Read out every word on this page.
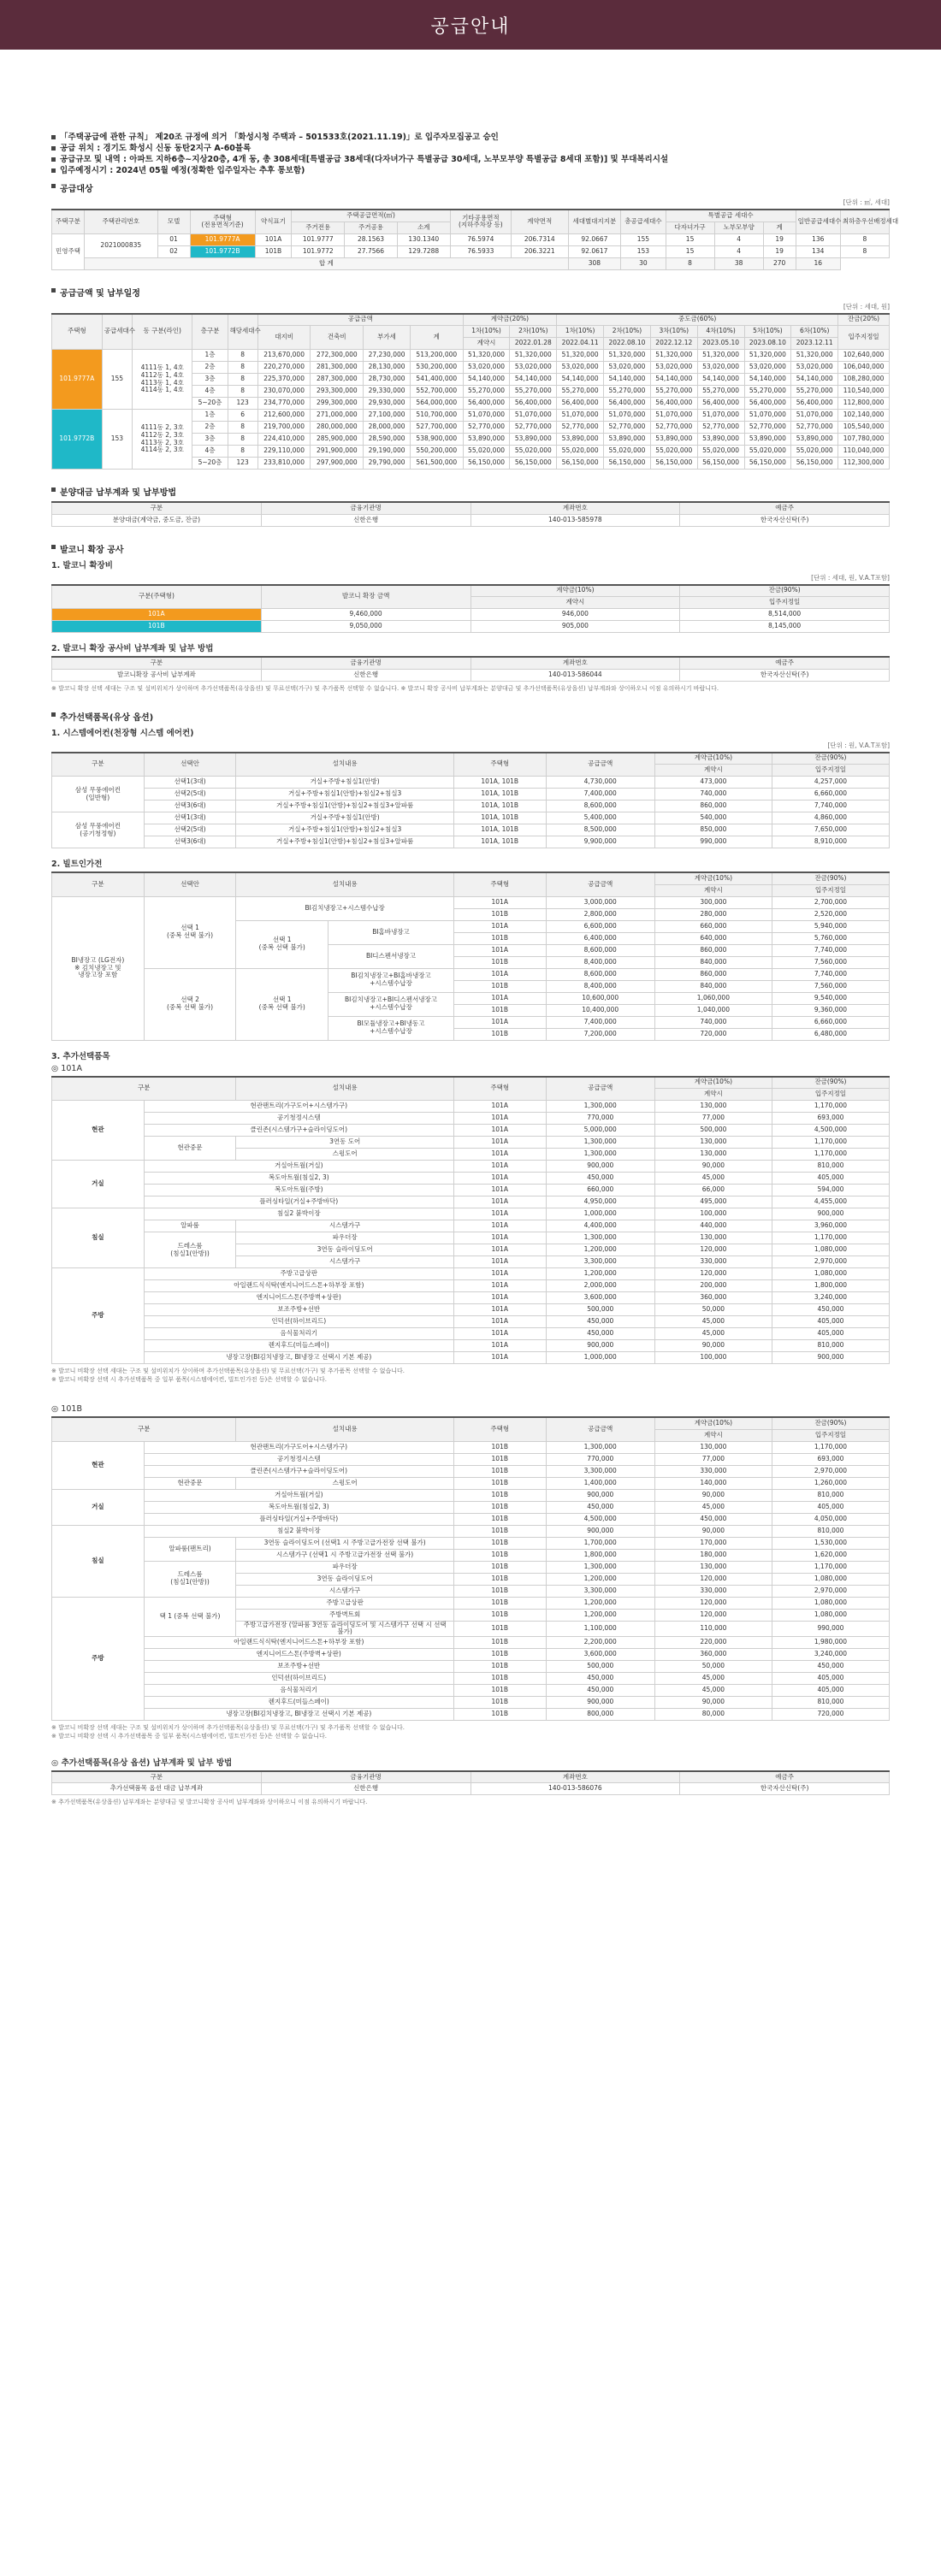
공급안내
「주택공급에 관한 규칙」 제20조 규정에 의거 「화성시청 주택과 – 501533호(2021.11.19)」로 입주자모집공고 승인
공급 위치 : 경기도 화성시 신동 동탄2지구 A-60블록
공급규모 및 내역 : 아파트 지하6층~지상20층, 4개 동, 총 308세대[특별공급 38세대(다자녀가구 특별공급 30세대, 노부모부양 특별공급 8세대 포함)] 및 부대복리시설
입주예정시기 : 2024년 05월 예정(정확한 입주일자는 추후 통보함)
공급대상
[단위 : ㎡, 세대]
주택구분	주택관리번호	모델	주택형(전용면적기준)	약식표기	주택공급면적(㎡)			기타공용면적(지하주차장 등)	계약면적	세대별대지지분	총공급세대수	특별공급 세대수			일반공급세대수	최하층우선배정세대
					주거전용	주거공용	소계					다자녀가구	노부모부양	계		
민영주택	2021000835	01	101.9777A	101A	101.9777	28.1563	130.1340	76.5974	206.7314	92.0667	155	15	4	19	136	8
		02	101.9772B	101B	101.9772	27.7566	129.7288	76.5933	206.3221	92.0617	153	15	4	19	134	8
	합 계									308	30	8	38	270	16	
공급금액 및 납부일정
[단위 : 세대, 원]
주택형	공급세대수	동 구분(라인)	층구분	해당세대수	공급금액				계약금(20%)		중도금(60%)						잔금(20%)
					대지비	건축비	부가세	계	1차(10%)	2차(10%)	1차(10%)	2차(10%)	3차(10%)	4차(10%)	5차(10%)	6차(10%)	입주지정일
									계약시	2022.01.28	2022.04.11	2022.08.10	2022.12.12	2023.05.10	2023.08.10	2023.12.11	
101.9777A	155	4111동 1, 4호
4112동 1, 4호
4113동 1, 4호
4114동 1, 4호	1층	8	213,670,000	272,300,000	27,230,000	513,200,000	51,320,000	51,320,000	51,320,000	51,320,000	51,320,000	51,320,000	51,320,000	51,320,000	102,640,000
			2층	8	220,270,000	281,300,000	28,130,000	530,200,000	53,020,000	53,020,000	53,020,000	53,020,000	53,020,000	53,020,000	53,020,000	53,020,000	106,040,000
			3층	8	225,370,000	287,300,000	28,730,000	541,400,000	54,140,000	54,140,000	54,140,000	54,140,000	54,140,000	54,140,000	54,140,000	54,140,000	108,280,000
			4층	8	230,070,000	293,300,000	29,330,000	552,700,000	55,270,000	55,270,000	55,270,000	55,270,000	55,270,000	55,270,000	55,270,000	55,270,000	110,540,000
			5~20층	123	234,770,000	299,300,000	29,930,000	564,000,000	56,400,000	56,400,000	56,400,000	56,400,000	56,400,000	56,400,000	56,400,000	56,400,000	112,800,000
101.9772B	153	4111동 2, 3호
4112동 2, 3호
4113동 2, 3호
4114동 2, 3호	1층	6	212,600,000	271,000,000	27,100,000	510,700,000	51,070,000	51,070,000	51,070,000	51,070,000	51,070,000	51,070,000	51,070,000	51,070,000	102,140,000
			2층	8	219,700,000	280,000,000	28,000,000	527,700,000	52,770,000	52,770,000	52,770,000	52,770,000	52,770,000	52,770,000	52,770,000	52,770,000	105,540,000
			3층	8	224,410,000	285,900,000	28,590,000	538,900,000	53,890,000	53,890,000	53,890,000	53,890,000	53,890,000	53,890,000	53,890,000	53,890,000	107,780,000
			4층	8	229,110,000	291,900,000	29,190,000	550,200,000	55,020,000	55,020,000	55,020,000	55,020,000	55,020,000	55,020,000	55,020,000	55,020,000	110,040,000
			5~20층	123	233,810,000	297,900,000	29,790,000	561,500,000	56,150,000	56,150,000	56,150,000	56,150,000	56,150,000	56,150,000	56,150,000	56,150,000	112,300,000
분양대금 납부계좌 및 납부방법
구분	금융기관명	계좌번호	예금주
분양대금(계약금, 중도금, 잔금)	신한은행	140-013-585978	한국자산신탁(주)
발코니 확장 공사
1. 발코니 확장비
[단위 : 세대, 원, V.A.T포함]
구분(주택형)	발코니 확장 금액	계약금(10%)	잔금(90%)
		계약시	입주지정일
101A	9,460,000	946,000	8,514,000
101B	9,050,000	905,000	8,145,000
2. 발코니 확장 공사비 납부계좌 및 납부 방법
구분	금융기관명	계좌번호	예금주
발코니확장 공사비 납부계좌	신한은행	140-013-586044	한국자산신탁(주)
※ 발코니 확장 선택 세대는 구조 및 설비위치가 상이하며 추가선택품목(유상옵션) 및 무료선택(가구) 및 추가품목 선택할 수 없습니다. ※ 발코니 확장 공사비 납부계좌는 분양대금 및 추가선택품목(유상옵션) 납부계좌와 상이하오니 이점 유의하시기 바랍니다.
추가선택품목(유상 옵션)
1. 시스템에어컨(천장형 시스템 에어컨)
[단위 : 원, V.A.T포함]
구분	선택안	설치내용	주택형	공급금액	계약금(10%)	잔금(90%)
					계약시	입주지정일
삼성 무풍에어컨
(일반형)	선택1(3대)	거실+주방+침실1(안방)	101A, 101B	4,730,000	473,000	4,257,000
	선택2(5대)	거실+주방+침실1(안방)+침실2+침실3	101A, 101B	7,400,000	740,000	6,660,000
	선택3(6대)	거실+주방+침실1(안방)+침실2+침실3+알파룸	101A, 101B	8,600,000	860,000	7,740,000
삼성 무풍에어컨
(공기청정형)	선택1(3대)	거실+주방+침실1(안방)	101A, 101B	5,400,000	540,000	4,860,000
	선택2(5대)	거실+주방+침실1(안방)+침실2+침실3	101A, 101B	8,500,000	850,000	7,650,000
	선택3(6대)	거실+주방+침실1(안방)+침실2+침실3+알파룸	101A, 101B	9,900,000	990,000	8,910,000
2. 빌트인가전
구분	선택안	설치내용		주택형	공급금액	계약금(10%)	잔금(90%)
						계약시	입주지정일
BI냉장고 (LG전자)
※ 김치냉장고 및
냉장고장 포함	선택 1
(중복 선택 불가)	BI김치냉장고+시스템수납장		101A	3,000,000	300,000	2,700,000
				101B	2,800,000	280,000	2,520,000
		선택 1
(중복 선택 불가)	BI홈바냉장고	101A	6,600,000	660,000	5,940,000
				101B	6,400,000	640,000	5,760,000
			BI디스펜서냉장고	101A	8,600,000	860,000	7,740,000
				101B	8,400,000	840,000	7,560,000
	선택 2
(중복 선택 불가)	선택 1
(중복 선택 불가)	BI김치냉장고+BI홈바냉장고
+시스템수납장	101A	8,600,000	860,000	7,740,000
				101B	8,400,000	840,000	7,560,000
			BI김치냉장고+BI디스펜서냉장고
+시스템수납장	101A	10,600,000	1,060,000	9,540,000
				101B	10,400,000	1,040,000	9,360,000
			BI모듈냉장고+BI냉동고
+시스템수납장	101A	7,400,000	740,000	6,660,000
				101B	7,200,000	720,000	6,480,000
3. 추가선택품목
◎ 101A
구분		설치내용	주택형	공급금액	계약금(10%)	잔금(90%)
					계약시	입주지정일
현관	현관팬트리(가구도어+시스템가구)		101A	1,300,000	130,000	1,170,000
	공기청정시스템		101A	770,000	77,000	693,000
	클린존(시스템가구+슬라이딩도어)		101A	5,000,000	500,000	4,500,000
	현관중문	3연동 도어	101A	1,300,000	130,000	1,170,000
		스윙도어	101A	1,300,000	130,000	1,170,000
거실	거실아트월(거실)		101A	900,000	90,000	810,000
	복도아트월(침실2, 3)		101A	450,000	45,000	405,000
	복도아트월(주방)		101A	660,000	66,000	594,000
	플러싱타일(거실+주방바닥)		101A	4,950,000	495,000	4,455,000
침실	침실2 붙박이장		101A	1,000,000	100,000	900,000
	알파룸	시스템가구	101A	4,400,000	440,000	3,960,000
	드레스룸
(침실1(안방))	파우더장	101A	1,300,000	130,000	1,170,000
		3연동 슬라이딩도어	101A	1,200,000	120,000	1,080,000
		시스템가구	101A	3,300,000	330,000	2,970,000
주방	주방고급상판		101A	1,200,000	120,000	1,080,000
	아일랜드식식탁(엔지니어드스톤+하부장 포함)		101A	2,000,000	200,000	1,800,000
	엔지니어드스톤(주방벽+상판)		101A	3,600,000	360,000	3,240,000
	보조주방+선반		101A	500,000	50,000	450,000
	인덕션(하이브리드)		101A	450,000	45,000	405,000
	음식물처리기		101A	450,000	45,000	405,000
	렌지후드(미들스페이)		101A	900,000	90,000	810,000
	냉장고장(BI김치냉장고, BI냉장고 선택시 기본 제공)		101A	1,000,000	100,000	900,000
※ 발코니 비확장 선택 세대는 구조 및 설비위치가 상이하며 추가선택품목(유상옵션) 및 무료선택(가구) 및 추가품목 선택할 수 없습니다.
※ 발코니 비확장 선택 시 추가선택품목 중 일부 품목(시스템에어컨, 빌트인가전 등)은 선택할 수 없습니다.
◎ 101B
구분		설치내용	주택형	공급금액	계약금(10%)	잔금(90%)
					계약시	입주지정일
현관	현관팬트리(가구도어+시스템가구)		101B	1,300,000	130,000	1,170,000
	공기청정시스템		101B	770,000	77,000	693,000
	클린존(시스템가구+슬라이딩도어)		101B	3,300,000	330,000	2,970,000
	현관중문	스윙도어	101B	1,400,000	140,000	1,260,000
거실	거실아트월(거실)		101B	900,000	90,000	810,000
	복도아트월(침실2, 3)		101B	450,000	45,000	405,000
	플러싱타일(거실+주방바닥)		101B	4,500,000	450,000	4,050,000
침실	침실2 붙박이장		101B	900,000	90,000	810,000
	알파룸(팬트리)	3연동 슬라이딩도어 (선택1 시 주방고급가전장 선택 불가)	101B	1,700,000	170,000	1,530,000
		시스템가구 (선택1 시 주방고급가전장 선택 불가)	101B	1,800,000	180,000	1,620,000
	드레스룸
(침실1(안방))	파우더장	101B	1,300,000	130,000	1,170,000
		3연동 슬라이딩도어	101B	1,200,000	120,000	1,080,000
		시스템가구	101B	3,300,000	330,000	2,970,000
주방	택 1 (중복 선택 불가)	주방고급상판	101B	1,200,000	120,000	1,080,000
		주방벽트회	101B	1,200,000	120,000	1,080,000
		주방고급가전장 (알파룸 3연동 슬라이딩도어 및 시스템가구 선택 시 선택 불가)	101B	1,100,000	110,000	990,000
	아일랜드식식탁(엔지니어드스톤+하부장 포함)		101B	2,200,000	220,000	1,980,000
	엔지니어드스톤(주방벽+상판)		101B	3,600,000	360,000	3,240,000
	보조주방+선반		101B	500,000	50,000	450,000
	인덕션(하이브리드)		101B	450,000	45,000	405,000
	음식물처리기		101B	450,000	45,000	405,000
	렌지후드(미들스페이)		101B	900,000	90,000	810,000
	냉장고장(BI김치냉장고, BI냉장고 선택시 기본 제공)		101B	800,000	80,000	720,000
※ 발코니 비확장 선택 세대는 구조 및 설비위치가 상이하며 추가선택품목(유상옵션) 및 무료선택(가구) 및 추가품목 선택할 수 없습니다.
※ 발코니 비확장 선택 시 추가선택품목 중 일부 품목(시스템에어컨, 빌트인가전 등)은 선택할 수 없습니다.
◎ 추가선택품목(유상 옵션) 납부계좌 및 납부 방법
구분	금융기관명	계좌번호	예금주
추가선택품목 옵션 대금 납부계좌	신한은행	140-013-586076	한국자산신탁(주)
※ 추가선택품목(유상옵션) 납부계좌는 분양대금 및 발코니확장 공사비 납부계좌와 상이하오니 이점 유의하시기 바랍니다.
